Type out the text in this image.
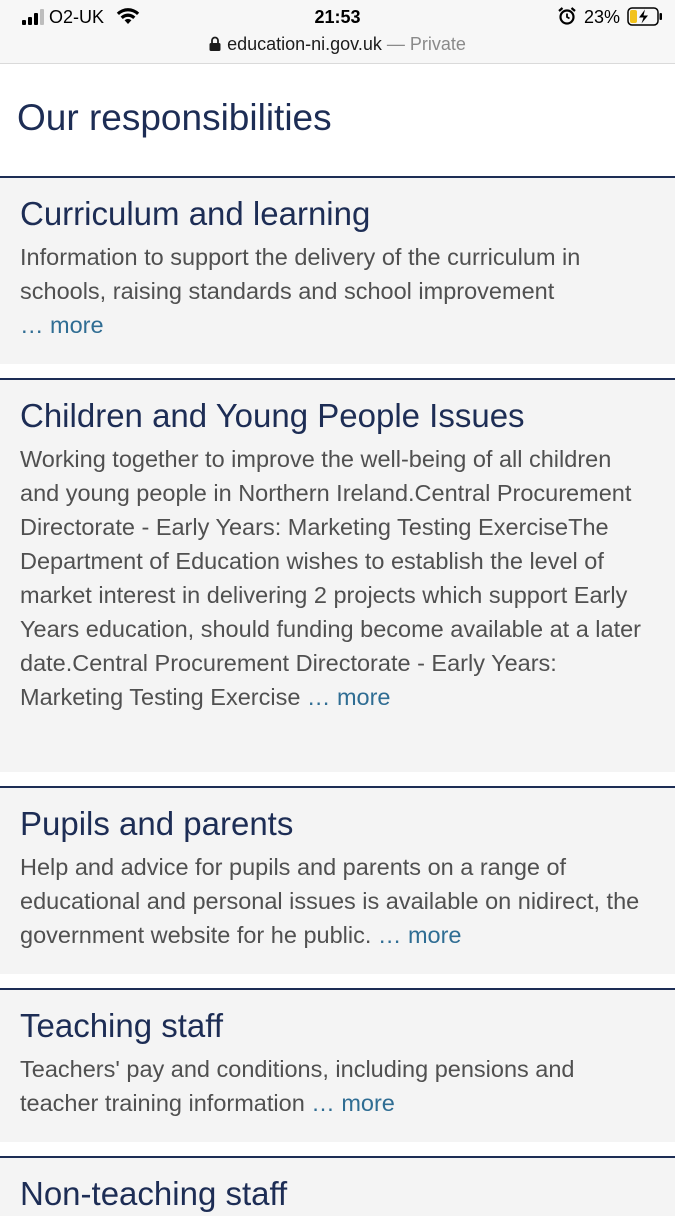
O2-UK	21:53	23%
education-ni.gov.uk — Private
Our responsibilities
Curriculum and learning

Information to support the delivery of the curriculum in schools, raising standards and school improvement
… more

Children and Young People Issues

Working together to improve the well-being of all children and young people in Northern Ireland.Central Procurement Directorate - Early Years: Marketing Testing ExerciseThe Department of Education wishes to establish the level of market interest in delivering 2 projects which support Early Years education, should funding become available at a later date.Central Procurement Directorate - Early Years: Marketing Testing Exercise … more

Pupils and parents

Help and advice for pupils and parents on a range of educational and personal issues is available on nidirect, the government website for he public. … more

Teaching staff

Teachers' pay and conditions, including pensions and teacher training information … more

Non-teaching staff
